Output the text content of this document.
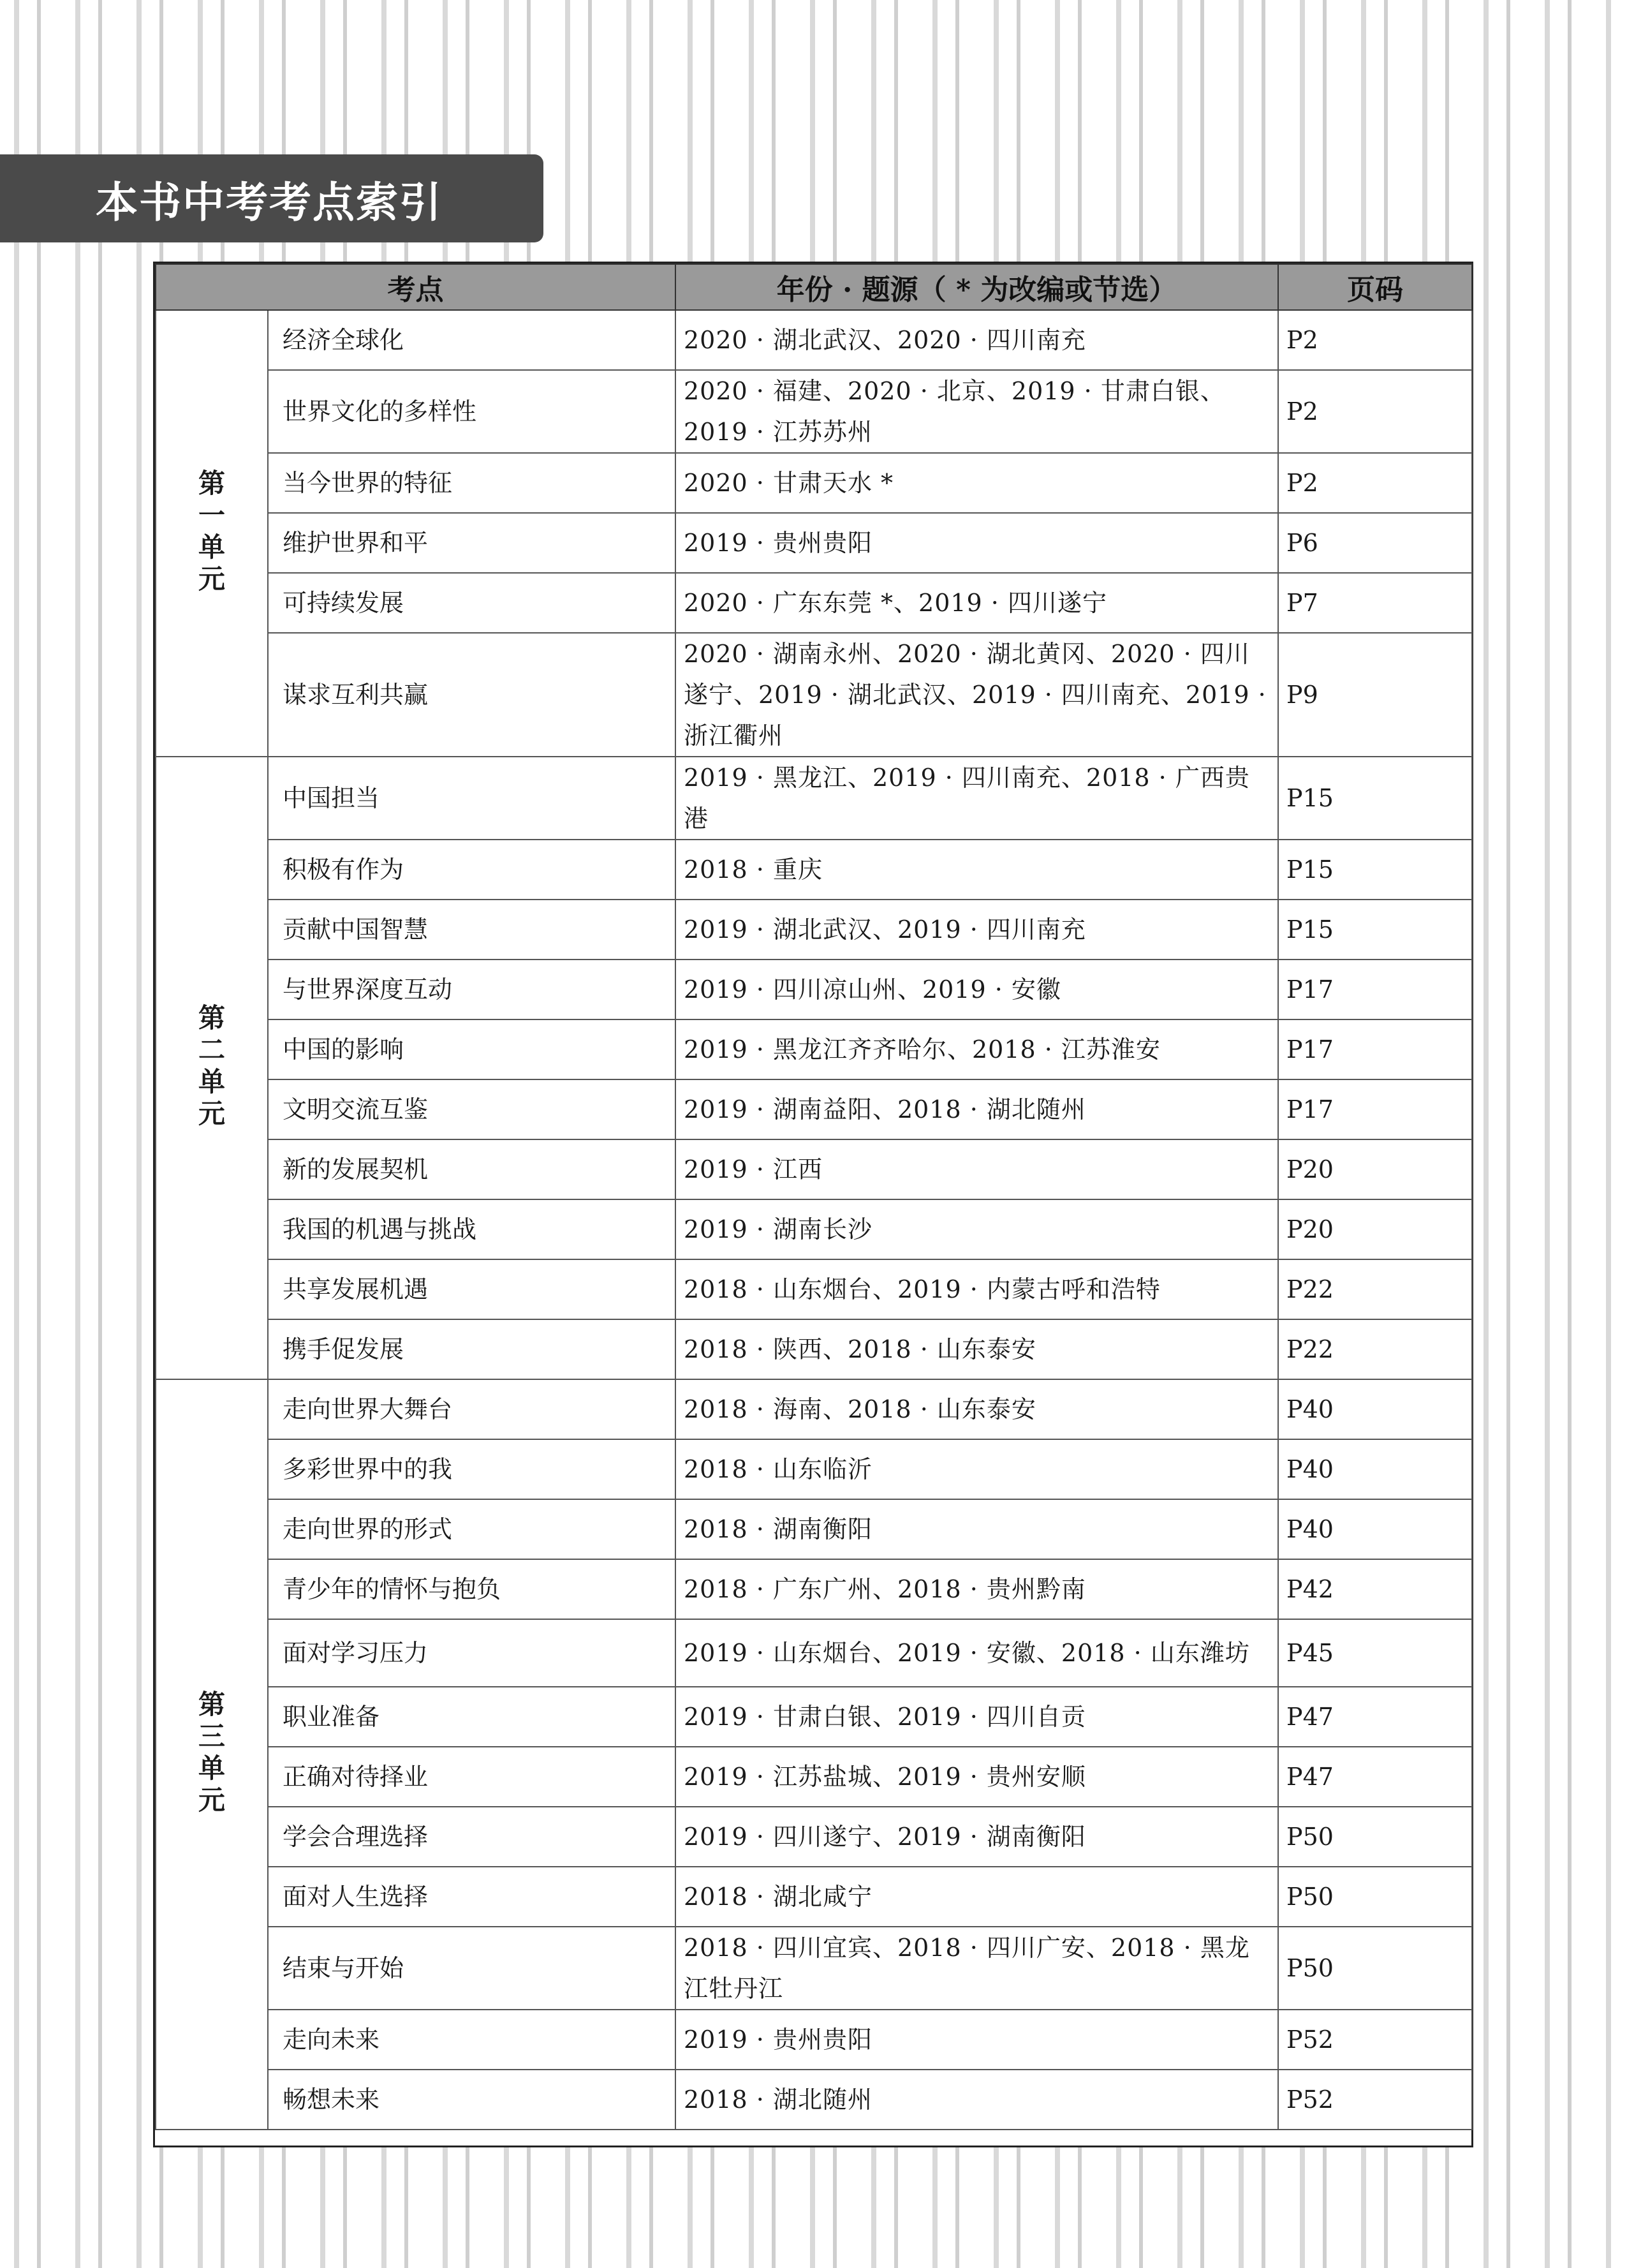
本书中考考点索引
考点		年份 · 题源（ * 为改编或节选）	页码
第一单元	经济全球化	2020 · 湖北武汉、2020 · 四川南充	P2
	世界文化的多样性	2020 · 福建、2020 · 北京、2019 · 甘肃白银、2019 · 江苏苏州	P2
	当今世界的特征	2020 · 甘肃天水 *	P2
	维护世界和平	2019 · 贵州贵阳	P6
	可持续发展	2020 · 广东东莞 *、2019 · 四川遂宁	P7
	谋求互利共赢	2020 · 湖南永州、2020 · 湖北黄冈、2020 · 四川遂宁、2019 · 湖北武汉、2019 · 四川南充、2019 · 浙江衢州	P9
第二单元	中国担当	2019 · 黑龙江、2019 · 四川南充、2018 · 广西贵港	P15
	积极有作为	2018 · 重庆	P15
	贡献中国智慧	2019 · 湖北武汉、2019 · 四川南充	P15
	与世界深度互动	2019 · 四川凉山州、2019 · 安徽	P17
	中国的影响	2019 · 黑龙江齐齐哈尔、2018 · 江苏淮安	P17
	文明交流互鉴	2019 · 湖南益阳、2018 · 湖北随州	P17
	新的发展契机	2019 · 江西	P20
	我国的机遇与挑战	2019 · 湖南长沙	P20
	共享发展机遇	2018 · 山东烟台、2019 · 内蒙古呼和浩特	P22
	携手促发展	2018 · 陕西、2018 · 山东泰安	P22
第三单元	走向世界大舞台	2018 · 海南、2018 · 山东泰安	P40
	多彩世界中的我	2018 · 山东临沂	P40
	走向世界的形式	2018 · 湖南衡阳	P40
	青少年的情怀与抱负	2018 · 广东广州、2018 · 贵州黔南	P42
	面对学习压力	2019 · 山东烟台、2019 · 安徽、2018 · 山东潍坊	P45
	职业准备	2019 · 甘肃白银、2019 · 四川自贡	P47
	正确对待择业	2019 · 江苏盐城、2019 · 贵州安顺	P47
	学会合理选择	2019 · 四川遂宁、2019 · 湖南衡阳	P50
	面对人生选择	2018 · 湖北咸宁	P50
	结束与开始	2018 · 四川宜宾、2018 · 四川广安、2018 · 黑龙江牡丹江	P50
	走向未来	2019 · 贵州贵阳	P52
	畅想未来	2018 · 湖北随州	P52
